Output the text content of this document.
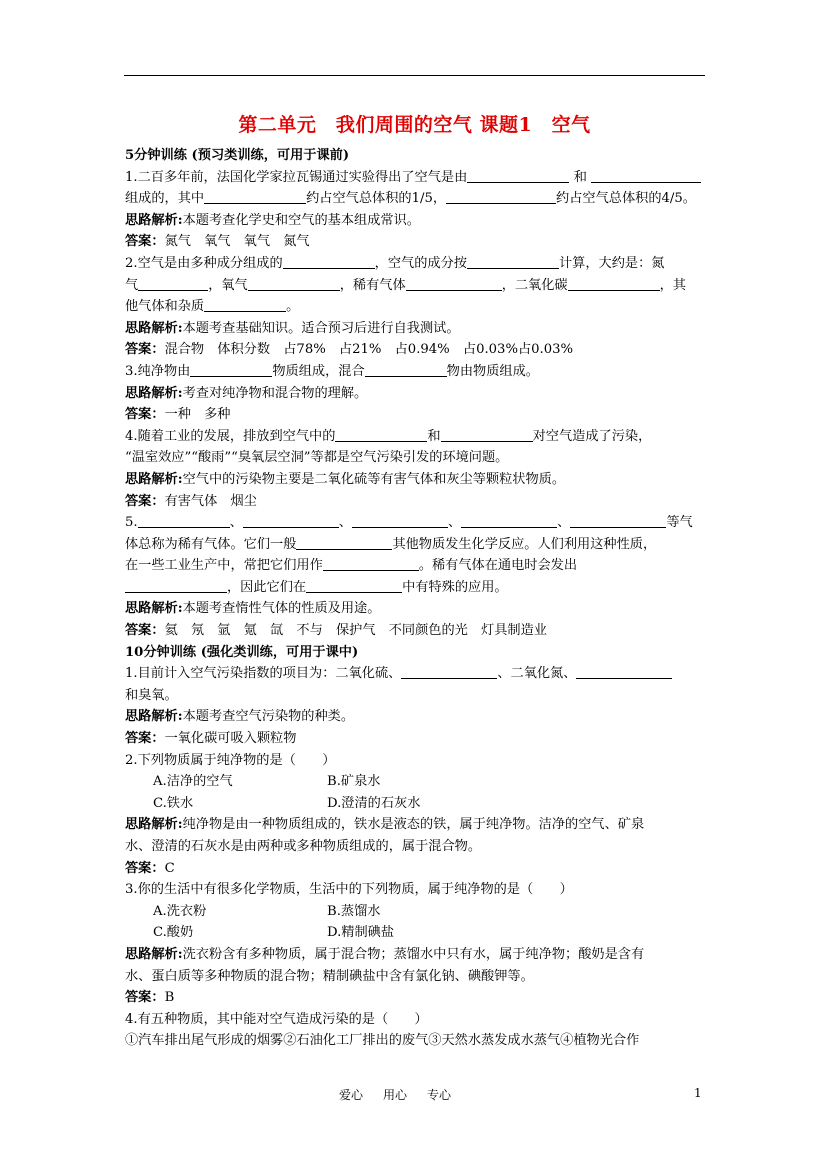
第二单元　我们周围的空气 课题1　空气
5分钟训练 (预习类训练，可用于课前)
1.二百多年前，法国化学家拉瓦锡通过实验得出了空气是由	和
组成的，其中	约占空气总体积的1/5，	约占空气总体积的4/5。
思路解析:本题考查化学史和空气的基本组成常识。
答案：氮气　氧气　氧气　氮气
2.空气是由多种成分组成的	，空气的成分按	计算，大约是：氮
气	，氧气	，稀有气体	，二氧化碳	，其
他气体和杂质	。
思路解析:本题考查基础知识。适合预习后进行自我测试。
答案：混合物　体积分数　占78%　占21%　占0.94%　占0.03%占0.03%
3.纯净物由	物质组成，混合	物由物质组成。
思路解析:考查对纯净物和混合物的理解。
答案：一种　多种
4.随着工业的发展，排放到空气中的	和	对空气造成了污染，
“温室效应”“酸雨”“臭氧层空洞”等都是空气污染引发的环境问题。
思路解析:空气中的污染物主要是二氧化硫等有害气体和灰尘等颗粒状物质。
答案：有害气体　烟尘
5.	、	、	、	、	等气
体总称为稀有气体。它们一般	其他物质发生化学反应。人们利用这种性质，
在一些工业生产中，常把它们用作	。稀有气体在通电时会发出
，因此它们在	中有特殊的应用。
思路解析:本题考查惰性气体的性质及用途。
答案：氦　氖　氩　氪　氙　不与　保护气　不同颜色的光　灯具制造业
10分钟训练 (强化类训练，可用于课中)
1.目前计入空气污染指数的项目为：二氧化硫、	、二氧化氮、
和臭氧。
思路解析:本题考查空气污染物的种类。
答案：一氧化碳可吸入颗粒物
2.下列物质属于纯净物的是（　　）
A.洁净的空气	B.矿泉水
C.铁水	D.澄清的石灰水
思路解析:纯净物是由一种物质组成的，铁水是液态的铁，属于纯净物。洁净的空气、矿泉
水、澄清的石灰水是由两种或多种物质组成的，属于混合物。
答案：C
3.你的生活中有很多化学物质，生活中的下列物质，属于纯净物的是（　　）
A.洗衣粉	B.蒸馏水
C.酸奶	D.精制碘盐
思路解析:洗衣粉含有多种物质，属于混合物；蒸馏水中只有水，属于纯净物；酸奶是含有
水、蛋白质等多种物质的混合物；精制碘盐中含有氯化钠、碘酸钾等。
答案：B
4.有五种物质，其中能对空气造成污染的是（　　）
①汽车排出尾气形成的烟雾②石油化工厂排出的废气③天然水蒸发成水蒸气④植物光合作
爱心 用心 专心	1
